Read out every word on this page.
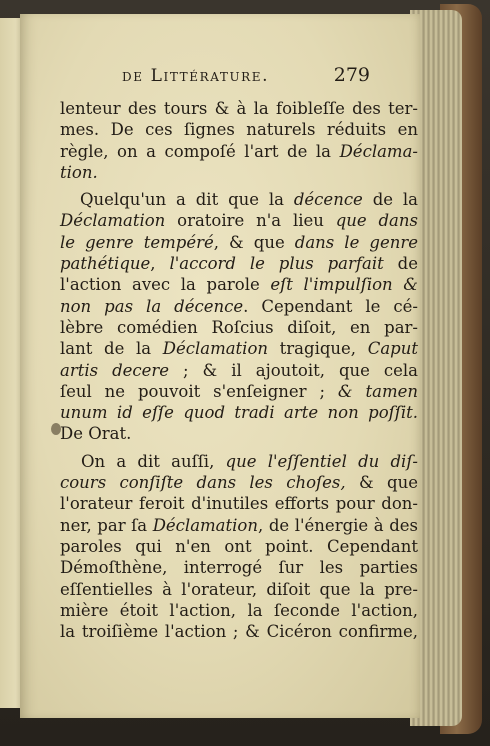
de Littérature.	279
lenteur des tours & à la foibleſſe des ter-
mes. De ces ſignes naturels réduits en
règle, on a compoſé l'art de la Déclama-
tion.
Quelqu'un a dit que la décence de la
Déclamation oratoire n'a lieu que dans
le genre tempéré, & que dans le genre
pathétique, l'accord le plus parfait de
l'action avec la parole eſt l'impulſion &
non pas la décence. Cependant le cé-
lèbre comédien Roſcius diſoit, en par-
lant de la Déclamation tragique, Caput
artis decere ; & il ajoutoit, que cela
ſeul ne pouvoit s'enſeigner ; & tamen
unum id eſſe quod tradi arte non poſſit.
De Orat.
On a dit auſſi, que l'eſſentiel du diſ-
cours conſiſte dans les choſes, & que
l'orateur feroit d'inutiles efforts pour don-
ner, par ſa Déclamation, de l'énergie à des
paroles qui n'en ont point. Cependant
Démoſthène, interrogé ſur les parties
eſſentielles à l'orateur, diſoit que la pre-
mière étoit l'action, la ſeconde l'action,
la troiſième l'action ; & Cicéron confirme,
